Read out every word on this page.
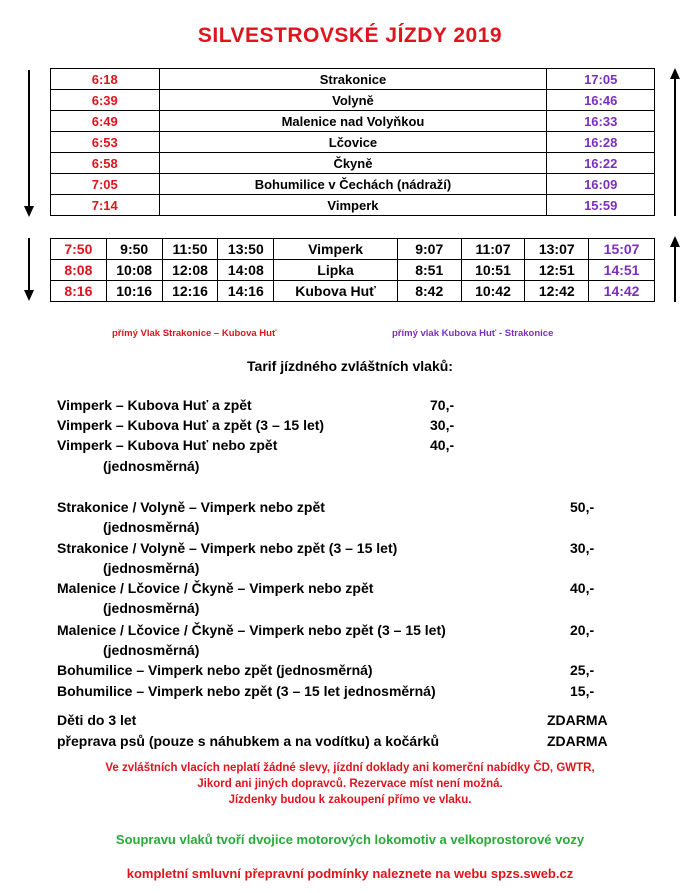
SILVESTROVSKÉ JÍZDY 2019
6:18	Strakonice	17:05
6:39	Volyně	16:46
6:49	Malenice nad Volyňkou	16:33
6:53	Lčovice	16:28
6:58	Čkyně	16:22
7:05	Bohumilice v Čechách (nádraží)	16:09
7:14	Vimperk	15:59
7:50	9:50	11:50	13:50	Vimperk	9:07	11:07	13:07	15:07
8:08	10:08	12:08	14:08	Lipka	8:51	10:51	12:51	14:51
8:16	10:16	12:16	14:16	Kubova Huť	8:42	10:42	12:42	14:42
přímý Vlak Strakonice – Kubova Huť	přímý vlak Kubova Huť - Strakonice
Tarif jízdného zvláštních vlaků:
Vimperk – Kubova Huť a zpět	70,-
Vimperk – Kubova Huť a zpět (3 – 15 let)	30,-
Vimperk – Kubova Huť nebo zpět	40,-
(jednosměrná)
Strakonice / Volyně – Vimperk nebo zpět	50,-
(jednosměrná)
Strakonice / Volyně – Vimperk nebo zpět (3 – 15 let)	30,-
(jednosměrná)
Malenice / Lčovice / Čkyně – Vimperk nebo zpět	40,-
(jednosměrná)
Malenice / Lčovice / Čkyně – Vimperk nebo zpět (3 – 15 let)	20,-
(jednosměrná)
Bohumilice – Vimperk nebo zpět (jednosměrná)	25,-
Bohumilice – Vimperk nebo zpět (3 – 15 let jednosměrná)	15,-
Děti do 3 let	ZDARMA
přeprava psů (pouze s náhubkem a na vodítku) a kočárků	ZDARMA
Ve zvláštních vlacích neplatí žádné slevy, jízdní doklady ani komerční nabídky ČD, GWTR,
Jikord ani jiných dopravců. Rezervace míst není možná.
Jízdenky budou k zakoupení přímo ve vlaku.
Soupravu vlaků tvoří dvojice motorových lokomotiv a velkoprostorové vozy
kompletní smluvní přepravní podmínky naleznete na webu spzs.sweb.cz
